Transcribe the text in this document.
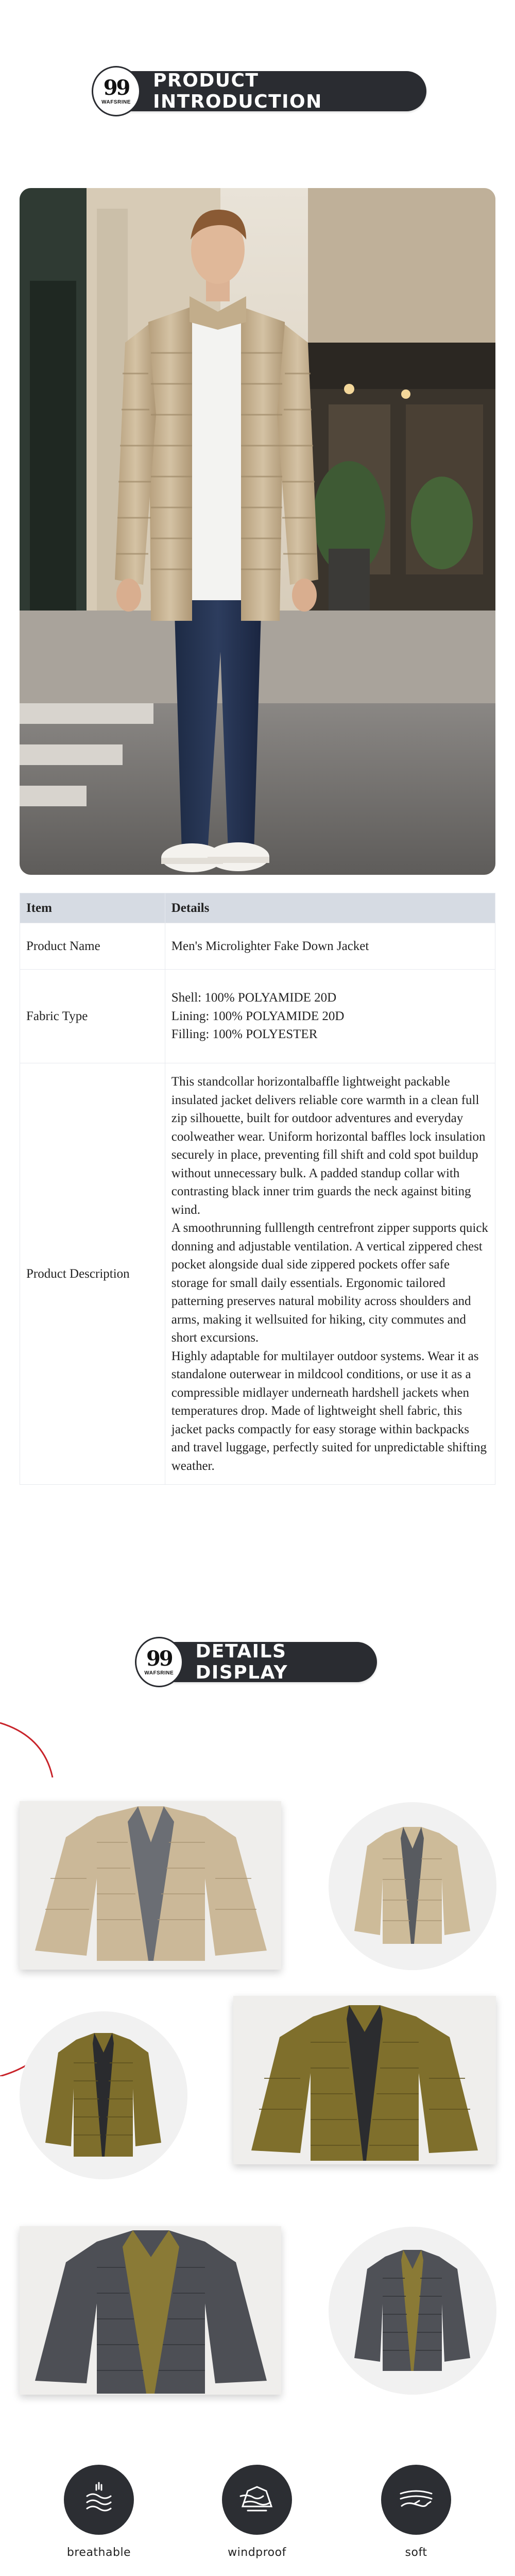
99
WAFSRINE
PRODUCT INTRODUCTION
Item	Details
Product Name	Men's Microlighter Fake Down Jacket
Fabric Type	Shell: 100% POLYAMIDE 20D
Lining: 100% POLYAMIDE 20D
Filling: 100% POLYESTER

Product Description	This standcollar horizontalbaffle lightweight packable insulated jacket delivers reliable core warmth in a clean full zip silhouette, built for outdoor adventures and everyday coolweather wear. Uniform horizontal baffles lock insulation securely in place, preventing fill shift and cold spot buildup without unnecessary bulk. A padded standup collar with contrasting black inner trim guards the neck against biting wind.

A smoothrunning fulllength centrefront zipper supports quick donning and adjustable ventilation. A vertical zippered chest pocket alongside dual side zippered pockets offer safe storage for small daily essentials. Ergonomic tailored patterning preserves natural mobility across shoulders and arms, making it wellsuited for hiking, city commutes and short excursions.

Highly adaptable for multilayer outdoor systems. Wear it as standalone outerwear in mildcool conditions, or use it as a compressible midlayer underneath hardshell jackets when temperatures drop. Made of lightweight shell fabric, this jacket packs compactly for easy storage within backpacks and travel luggage, perfectly suited for unpredictable shifting weather.

99
WAFSRINE
DETAILS DISPLAY
breathable	windproof	soft
